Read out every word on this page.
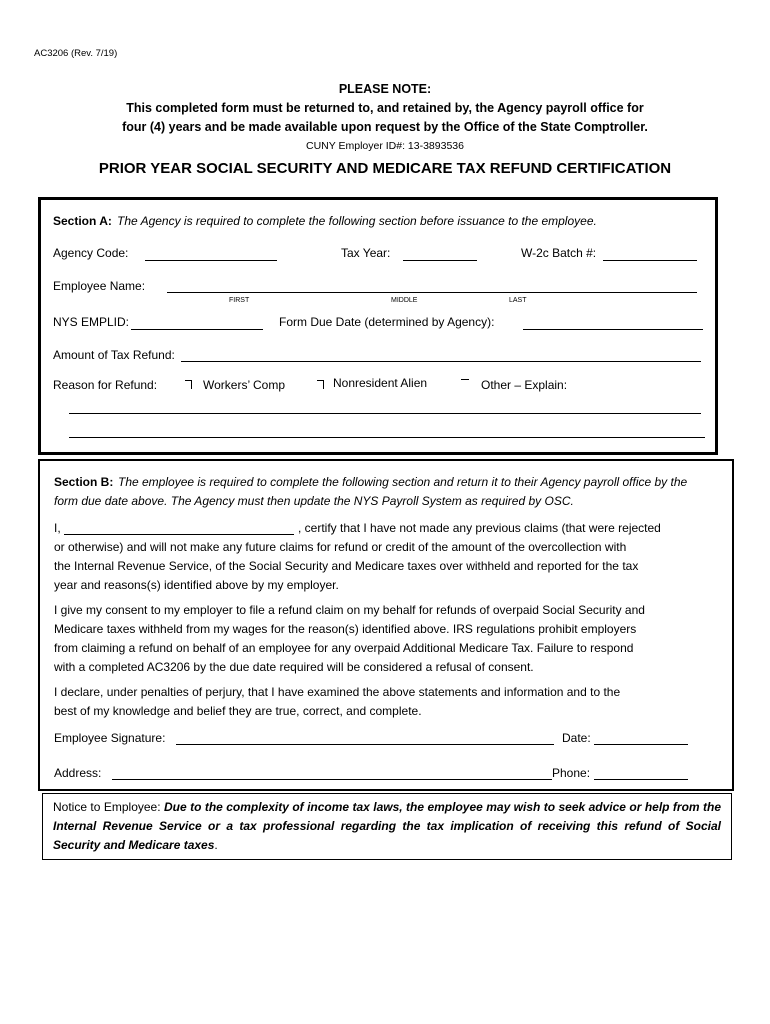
AC3206 (Rev. 7/19)
PLEASE NOTE:
This completed form must be returned to, and retained by, the Agency payroll office for
four (4) years and be made available upon request by the Office of the State Comptroller.
CUNY Employer ID#: 13-3893536
PRIOR YEAR SOCIAL SECURITY AND MEDICARE TAX REFUND CERTIFICATION
Section A: The Agency is required to complete the following section before issuance to the employee.
Agency Code:	Tax Year:	W-2c Batch #:
Employee Name:
FIRST	MIDDLE	LAST
NYS EMPLID:	Form Due Date (determined by Agency):
Amount of Tax Refund:
Reason for Refund:	Workers’ Comp	Nonresident Alien	Other – Explain:
Section B: The employee is required to complete the following section and return it to their Agency payroll office by the
form due date above. The Agency must then update the NYS Payroll System as required by OSC.
I,	, certify that I have not made any previous claims (that were rejected
or otherwise) and will not make any future claims for refund or credit of the amount of the overcollection with
the Internal Revenue Service, of the Social Security and Medicare taxes over withheld and reported for the tax
year and reasons(s) identified above by my employer.
I give my consent to my employer to file a refund claim on my behalf for refunds of overpaid Social Security and
Medicare taxes withheld from my wages for the reason(s) identified above. IRS regulations prohibit employers
from claiming a refund on behalf of an employee for any overpaid Additional Medicare Tax. Failure to respond
with a completed AC3206 by the due date required will be considered a refusal of consent.
I declare, under penalties of perjury, that I have examined the above statements and information and to the
best of my knowledge and belief they are true, correct, and complete.
Employee Signature:	Date:
Address:	Phone:
Notice to Employee: Due to the complexity of income tax laws, the employee may wish to seek advice or help from the Internal Revenue Service or a tax professional regarding the tax implication of receiving this refund of Social Security and Medicare taxes.
